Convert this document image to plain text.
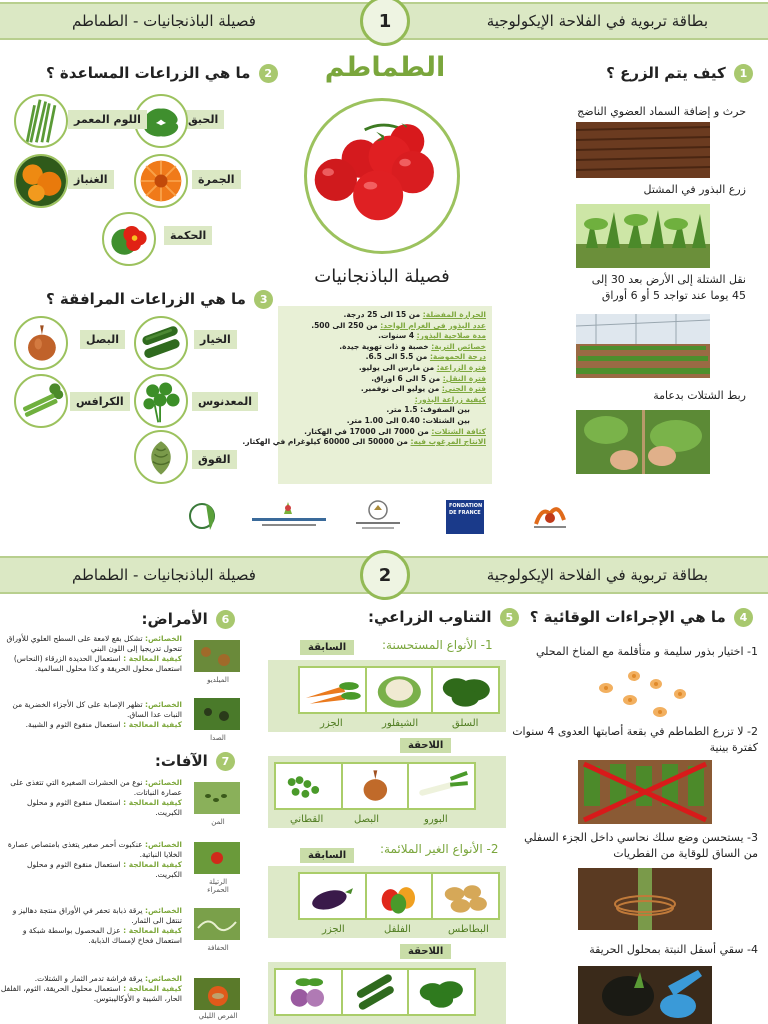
بطاقة تربوية في الفلاحة الإيكولوجية
فصيلة الباذنجانيات - الطماطم	1
1 كيف يتم الزرع ؟
حرث و إضافة السماد العضوي الناضج
زرع البذور في المشتل
نقل الشتلة إلى الأرض بعد 30 إلى 45 يوما عند تواجد 5 أو 6 أوراق
ربط الشتلات بدعامة
الطماطم
فصيلة الباذنجانيات
الحرارة المفضلة: من 15 الى 25 درجة.
عدد البذور في الغرام الواحد: من 250 الى 500.
مدة صلاحية البذور: 4 سنوات.
خصائص التربة: خصبة و ذات تهوية جيدة.
درجة الحموضة: من 5.5 الى 6.5.
فترة الزراعة: من مارس الى يوليو.
فترة النقل: من 5 الى 6 اوراق.
فترة الجني: من يوليو الى نوفمبر.
كيفية زراعة البذور:
بين الصفوف: 1.5 متر.
بين الشتلات: 0.40 الى 1.00 متر.
كثافة الشتلات: من 7000 الى 17000 في الهكتار.
الانتاج المرغوب فيه: من 50000 الى 60000 كيلوغرام في الهكتار.
2 ما هي الزراعات المساعدة ؟
الحبق
اللوم المعمر
الجمرة
الغنباز
الحكمة
3 ما هي الزراعات المرافقة ؟
الخيار
البصل
المعدنوس
الكرافس
القوق
FONDATION DE FRANCE
بطاقة تربوية في الفلاحة الإيكولوجية
فصيلة الباذنجانيات - الطماطم	2
4 ما هي الإجراءات الوقائية ؟
1- اختيار بذور سليمة و متأقلمة مع المناخ المحلي
2- لا تزرع الطماطم في بقعة أصابتها العدوى 4 سنوات كفترة بينية
3- يستحسن وضع سلك نحاسي داخل الجزء السفلي من الساق للوقاية من الفطريات
4- سقي أسفل النبتة بمحلول الحريقة
5 التناوب الزراعي:
1- الأنواع المستحسنة:
السابقة
الجزر	الشيفلور	السلق
اللاحقة
القطاني	البصل	البورو
2- الأنواع الغير الملائمة:
السابقة
الجزر	الفلفل	البطاطس
اللاحقة
6 الأمراض:
الخصائص: تشكل بقع لامعة على السطح العلوي للأوراق تتحول تدريجيا إلى اللون البني
كيفية المعالجة : استعمال الحديدة الزرقاء (النحاس) استعمال محلول الحريقة و كذا محلول السالمية.
الميلديو
الخصائص: تظهر الإصابة على كل الأجزاء الخضرية من النبات عدا الساق.
كيفية المعالجة : استعمال منقوع الثوم و الشيبة.
الصدا
7 الآفات:
الخصائص: نوع من الحشرات الصغيرة التي تتغذى على عصارة النباتات.
كيفية المعالجة : استعمال منقوع الثوم و محلول الكبريت.
المن
الخصائص: عنكبوت أحمر صغير يتغذى بامتصاص عصارة الخلايا النباتية.
كيفية المعالجة : استعمال منقوع الثوم و محلول الكبريت.
الرتيلة الحمراء
الخصائص: يرقة ذبابة تحفر في الأوراق منتجة دهاليز و تنتقل الى الثمار.
كيفية المعالجة : عزل المحصول بواسطة شبكة و استعمال فخاخ لإمساك الذبابة.
الحفافة
الخصائص: يرقة فراشة تدمر الثمار و الشتلات.
كيفية المعالجة : استعمال محلول الحريقة، الثوم، الفلفل الحار، الشيبة و الأوكاليبتوس.
الفرص الليلي
